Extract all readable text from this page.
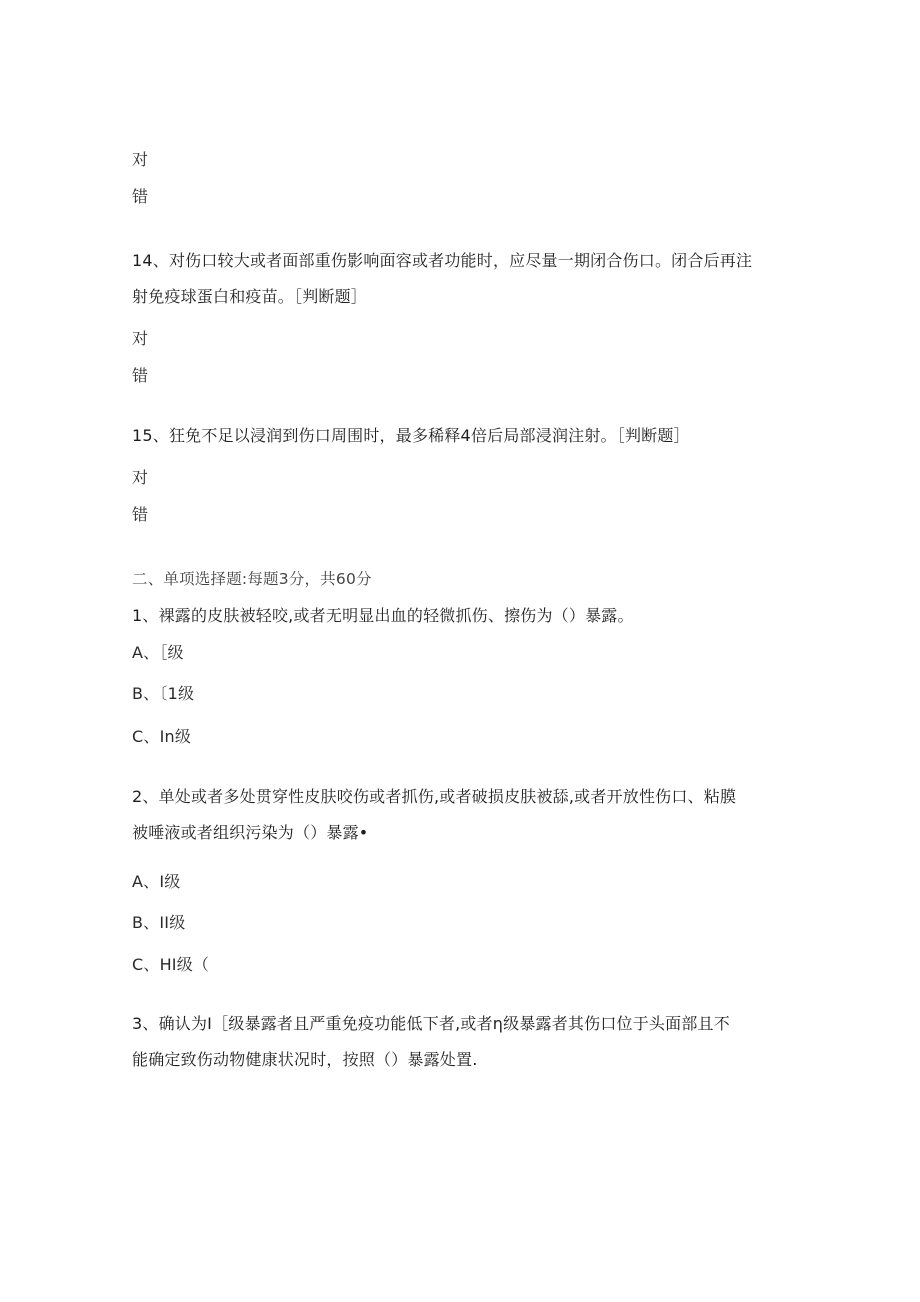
对
错
14、对伤口较大或者面部重伤影响面容或者功能时，应尽量一期闭合伤口。闭合后再注
射免疫球蛋白和疫苗。［判断题］
对
错
15、狂免不足以浸润到伤口周围时，最多稀释4倍后局部浸润注射。［判断题］
对
错
二、单项选择题:每题3分，共60分
1、裸露的皮肤被轻咬,或者无明显出血的轻微抓伤、擦伤为（）暴露。
A、［级
B、〔1级
C、In级
2、单处或者多处贯穿性皮肤咬伤或者抓伤,或者破损皮肤被舔,或者开放性伤口、粘膜
被唾液或者组织污染为（）暴露•
A、I级
B、II级
C、HI级（
3、确认为I［级暴露者且严重免疫功能低下者,或者η级暴露者其伤口位于头面部且不
能确定致伤动物健康状况时，按照（）暴露处置.
